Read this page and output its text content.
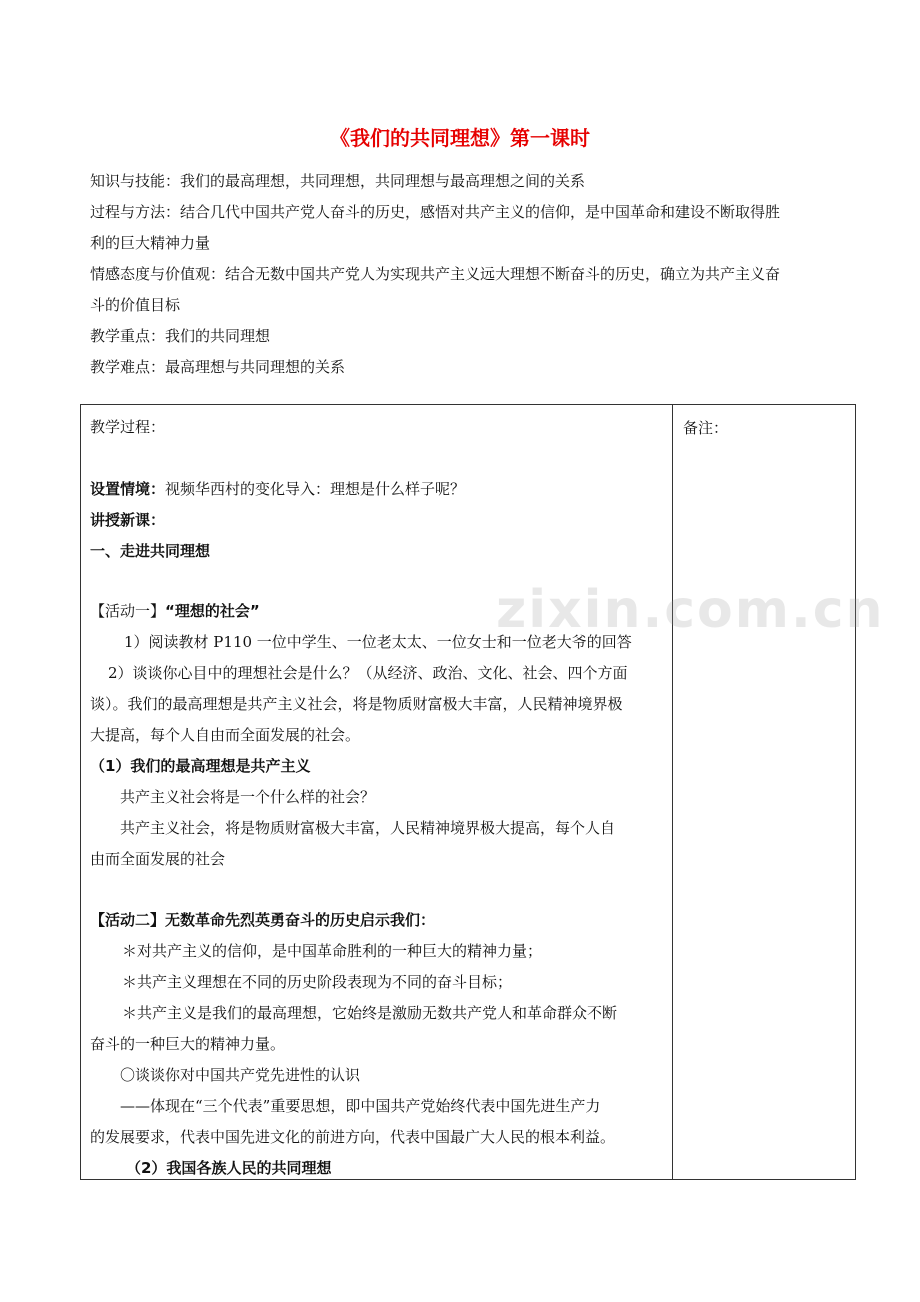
《我们的共同理想》第一课时

知识与技能：我们的最高理想，共同理想，共同理想与最高理想之间的关系

过程与方法：结合几代中国共产党人奋斗的历史，感悟对共产主义的信仰，是中国革命和建设不断取得胜

利的巨大精神力量

情感态度与价值观：结合无数中国共产党人为实现共产主义远大理想不断奋斗的历史，确立为共产主义奋

斗的价值目标

教学重点：我们的共同理想

教学难点：最高理想与共同理想的关系

教学过程：
设置情境：视频华西村的变化导入：理想是什么样子呢？
讲授新课：
一、走进共同理想
【活动一】“理想的社会”
1）阅读教材 P110 一位中学生、一位老太太、一位女士和一位老大爷的回答
2）谈谈你心目中的理想社会是什么？（从经济、政治、文化、社会、四个方面
谈）。我们的最高理想是共产主义社会，将是物质财富极大丰富，人民精神境界极
大提高，每个人自由而全面发展的社会。
（1）我们的最高理想是共产主义
共产主义社会将是一个什么样的社会？
共产主义社会，将是物质财富极大丰富，人民精神境界极大提高，每个人自
由而全面发展的社会
【活动二】无数革命先烈英勇奋斗的历史启示我们：
＊对共产主义的信仰，是中国革命胜利的一种巨大的精神力量；
＊共产主义理想在不同的历史阶段表现为不同的奋斗目标；
＊共产主义是我们的最高理想，它始终是激励无数共产党人和革命群众不断
奋斗的一种巨大的精神力量。
〇谈谈你对中国共产党先进性的认识
——体现在“三个代表”重要思想，即中国共产党始终代表中国先进生产力
的发展要求，代表中国先进文化的前进方向，代表中国最广大人民的根本利益。
（2）我国各族人民的共同理想
备注：
zixin.com.cn
